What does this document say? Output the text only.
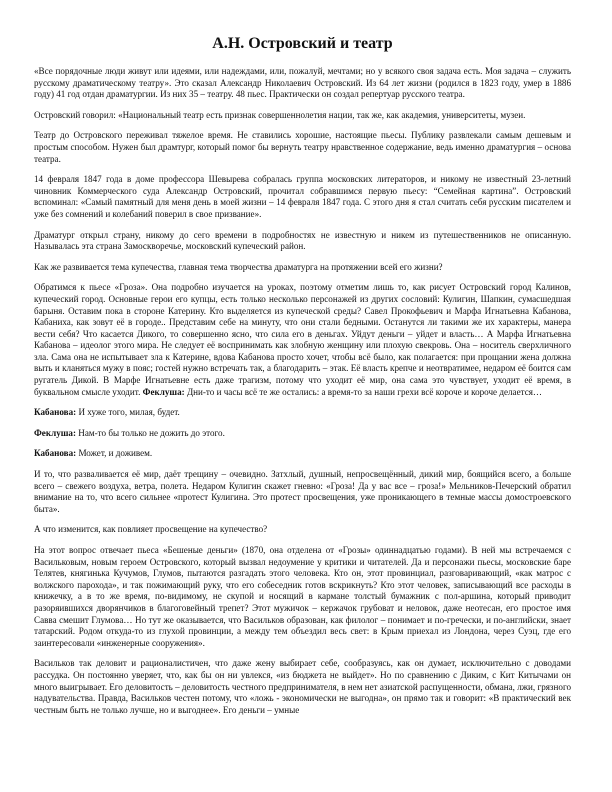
А.Н. Островский и театр

«Все порядочные люди живут или идеями, или надеждами, или, пожалуй, мечтами; но у всякого своя задача есть. Моя задача – служить русскому драматическому театру». Это сказал Александр Николаевич Островский. Из 64 лет жизни (родился в 1823 году, умер в 1886 году) 41 год отдан драматургии. Из них 35 – театру. 48 пьес. Практически он создал репертуар русского театра.

Островский говорил: «Национальный театр есть признак совершеннолетия нации, так же, как академия, университеты, музеи.

Театр до Островского переживал тяжелое время. Не ставились хорошие, настоящие пьесы. Публику развлекали самым дешевым и простым способом. Нужен был драмтург, который помог бы вернуть театру нравственное содержание, ведь именно драматургия – основа театра.

14 февраля 1847 года в доме профессора Шевырева собралась группа московских литераторов, и никому не известный 23-летний чиновник Коммерческого суда Александр Островский, прочитал собравшимся первую пьесу: “Семейная картина”. Островский вспоминал: «Самый памятный для меня день в моей жизни – 14 февраля 1847 года. С этого дня я стал считать себя русским писателем и уже без сомнений и колебаний поверил в свое призвание».

Драматург открыл страну, никому до сего времени в подробностях не известную и никем из путешественников не описанную. Называлась эта страна Замоскворечье, московский купеческий район.

Как же развивается тема купечества, главная тема творчества драматурга на протяжении всей его жизни?

Обратимся к пьесе «Гроза». Она подробно изучается на уроках, поэтому отметим лишь то, как рисует Островский город Калинов, купеческий город. Основные герои его купцы, есть только несколько персонажей из других сословий: Кулигин, Шапкин, сумасшедшая барыня. Оставим пока в стороне Катерину. Кто выделяется из купеческой среды? Савел Прокофьевич и Марфа Игнатьевна Кабанова, Кабаниха, как зовут её в городе.. Представим себе на минуту, что они стали бедными. Останутся ли такими же их характеры, манера вести себя? Что касается Дикого, то совершенно ясно, что сила его в деньгах. Уйдут деньги – уйдет и власть… А Марфа Игнатьевна Кабанова – идеолог этого мира. Не следует её воспринимать как злобную женщину или плохую свекровь. Она – носитель сверхличного зла. Сама она не испытывает зла к Катерине, вдова Кабанова просто хочет, чтобы всё было, как полагается: при прощании жена должна выть и кланяться мужу в пояс; гостей нужно встречать так, а благодарить – этак. Её власть крепче и неотвратимее, недаром её боится сам ругатель Дикой. В Марфе Игнатьевне есть даже трагизм, потому что уходит её мир, она сама это чувствует, уходит её время, в буквальном смысле уходит. Феклуша: Дни-то и часы всё те же остались: а время-то за наши грехи всё короче и короче делается…

Кабанова: И хуже того, милая, будет.

Феклуша: Нам-то бы только не дожить до этого.

Кабанова: Может, и доживем.

И то, что разваливается её мир, даёт трещину – очевидно. Затхлый, душный, непросвещённый, дикий мир, боящийся всего, а больше всего – свежего воздуха, ветра, полета. Недаром Кулигин скажет гневно: «Гроза! Да у вас все – гроза!» Мельников-Печерский обратил внимание на то, что всего сильнее «протест Кулигина. Это протест просвещения, уже проникающего в темные массы домостроевского быта».

А что изменится, как повлияет просвещение на купечество?

На этот вопрос отвечает пьеса «Бешеные деньги» (1870, она отделена от «Грозы» одиннадцатью годами). В ней мы встречаемся с Васильковым, новым героем Островского, который вызвал недоумение у критики и читателей. Да и персонажи пьесы, московские баре Телятев, княгинька Кучумов, Глумов, пытаются разгадать этого человека. Кто он, этот провинциал, разговаривающий, «как матрос с волжского парохода», и так пожимающий руку, что его собеседник готов вскрикнуть? Кто этот человек, записывающий все расходы в книжечку, а в то же время, по-видимому, не скупой и носящий в кармане толстый бумажник с пол-аршина, который приводит разоряившихся дворянчиков в благоговейный трепет? Этот мужичок – кержачок грубоват и неловок, даже неотесан, его простое имя Савва смешит Глумова… Но тут же оказывается, что Васильков образован, как филолог – понимает и по-гречески, и по-английски, знает татарский. Родом откуда-то из глухой провинции, а между тем объездил весь свет: в Крым приехал из Лондона, через Суэц, где его заинтересовали «инженерные сооружения».

Васильков так деловит и рационалистичен, что даже жену выбирает себе, сообразуясь, как он думает, исключительно с доводами рассудка. Он постоянно уверяет, что, как бы он ни увлекся, «из бюджета не выйдет». Но по сравнению с Диким, с Кит Китычами он много выигрывает. Его деловитость – деловитость честного предпринимателя, в нем нет азиатской распущенности, обмана, лжи, грязного надувательства. Правда, Васильков честен потому, что «ложь - экономически не выгодна», он прямо так и говорит: «В практический век честным быть не только лучше, но и выгоднее». Его деньги – умные
